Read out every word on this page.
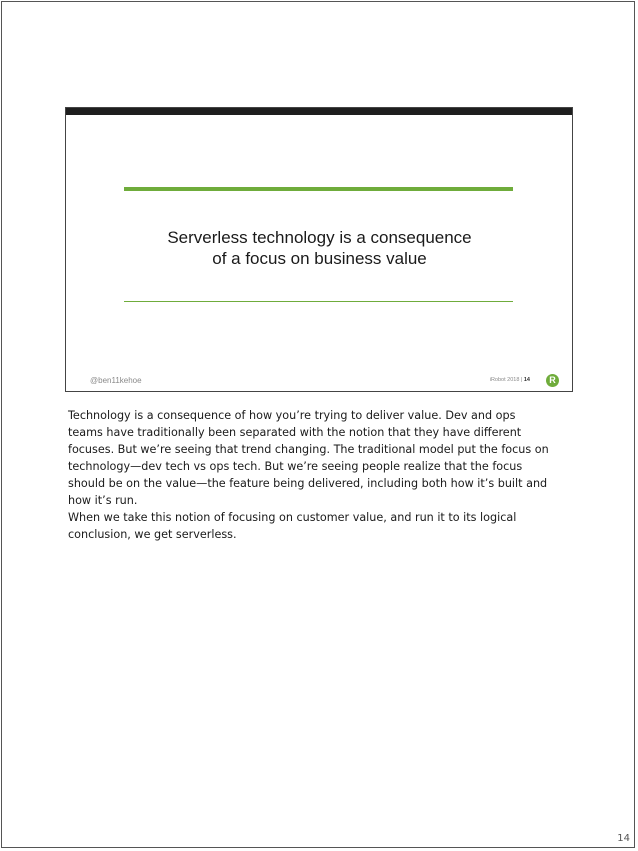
Serverless technology is a consequence
of a focus on business value
@ben11kehoe	iRobot 2018 | 14	R

Technology is a consequence of how you’re trying to deliver value. Dev and ops

teams have traditionally been separated with the notion that they have different

focuses. But we’re seeing that trend changing. The traditional model put the focus on

technology—dev tech vs ops tech. But we’re seeing people realize that the focus

should be on the value—the feature being delivered, including both how it’s built and

how it’s run.

When we take this notion of focusing on customer value, and run it to its logical

conclusion, we get serverless.

14
